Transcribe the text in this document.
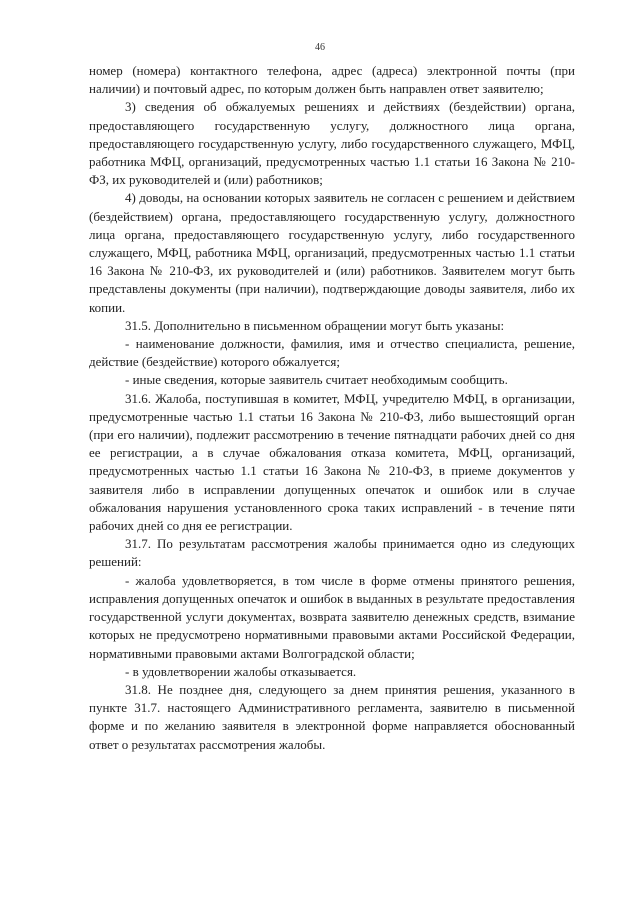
46

номер (номера) контактного телефона, адрес (адреса) электронной почты (при наличии) и почтовый адрес, по которым должен быть направлен ответ заявителю;

3) сведения об обжалуемых решениях и действиях (бездействии) органа, предоставляющего государственную услугу, должностного лица органа, предоставляющего государственную услугу, либо государственного служащего, МФЦ, работника МФЦ, организаций, предусмотренных частью 1.1 статьи 16 Закона № 210-ФЗ, их руководителей и (или) работников;

4) доводы, на основании которых заявитель не согласен с решением и действием (бездействием) органа, предоставляющего государственную услугу, должностного лица органа, предоставляющего государственную услугу, либо государственного служащего, МФЦ, работника МФЦ, организаций, предусмотренных частью 1.1 статьи 16 Закона № 210-ФЗ, их руководителей и (или) работников. Заявителем могут быть представлены документы (при наличии), подтверждающие доводы заявителя, либо их копии.

31.5. Дополнительно в письменном обращении могут быть указаны:

- наименование должности, фамилия, имя и отчество специалиста, решение, действие (бездействие) которого обжалуется;

- иные сведения, которые заявитель считает необходимым сообщить.

31.6. Жалоба, поступившая в комитет, МФЦ, учредителю МФЦ, в организации, предусмотренные частью 1.1 статьи 16 Закона № 210-ФЗ, либо вышестоящий орган (при его наличии), подлежит рассмотрению в течение пятнадцати рабочих дней со дня ее регистрации, а в случае обжалования отказа комитета, МФЦ, организаций, предусмотренных частью 1.1 статьи 16 Закона № 210-ФЗ, в приеме документов у заявителя либо в исправлении допущенных опечаток и ошибок или в случае обжалования нарушения установленного срока таких исправлений - в течение пяти рабочих дней со дня ее регистрации.

31.7. По результатам рассмотрения жалобы принимается одно из следующих решений:

- жалоба удовлетворяется, в том числе в форме отмены принятого решения, исправления допущенных опечаток и ошибок в выданных в результате предоставления государственной услуги документах, возврата заявителю денежных средств, взимание которых не предусмотрено нормативными правовыми актами Российской Федерации, нормативными правовыми актами Волгоградской области;

- в удовлетворении жалобы отказывается.

31.8. Не позднее дня, следующего за днем принятия решения, указанного в пункте 31.7. настоящего Административного регламента, заявителю в письменной форме и по желанию заявителя в электронной форме направляется обоснованный ответ о результатах рассмотрения жалобы.
